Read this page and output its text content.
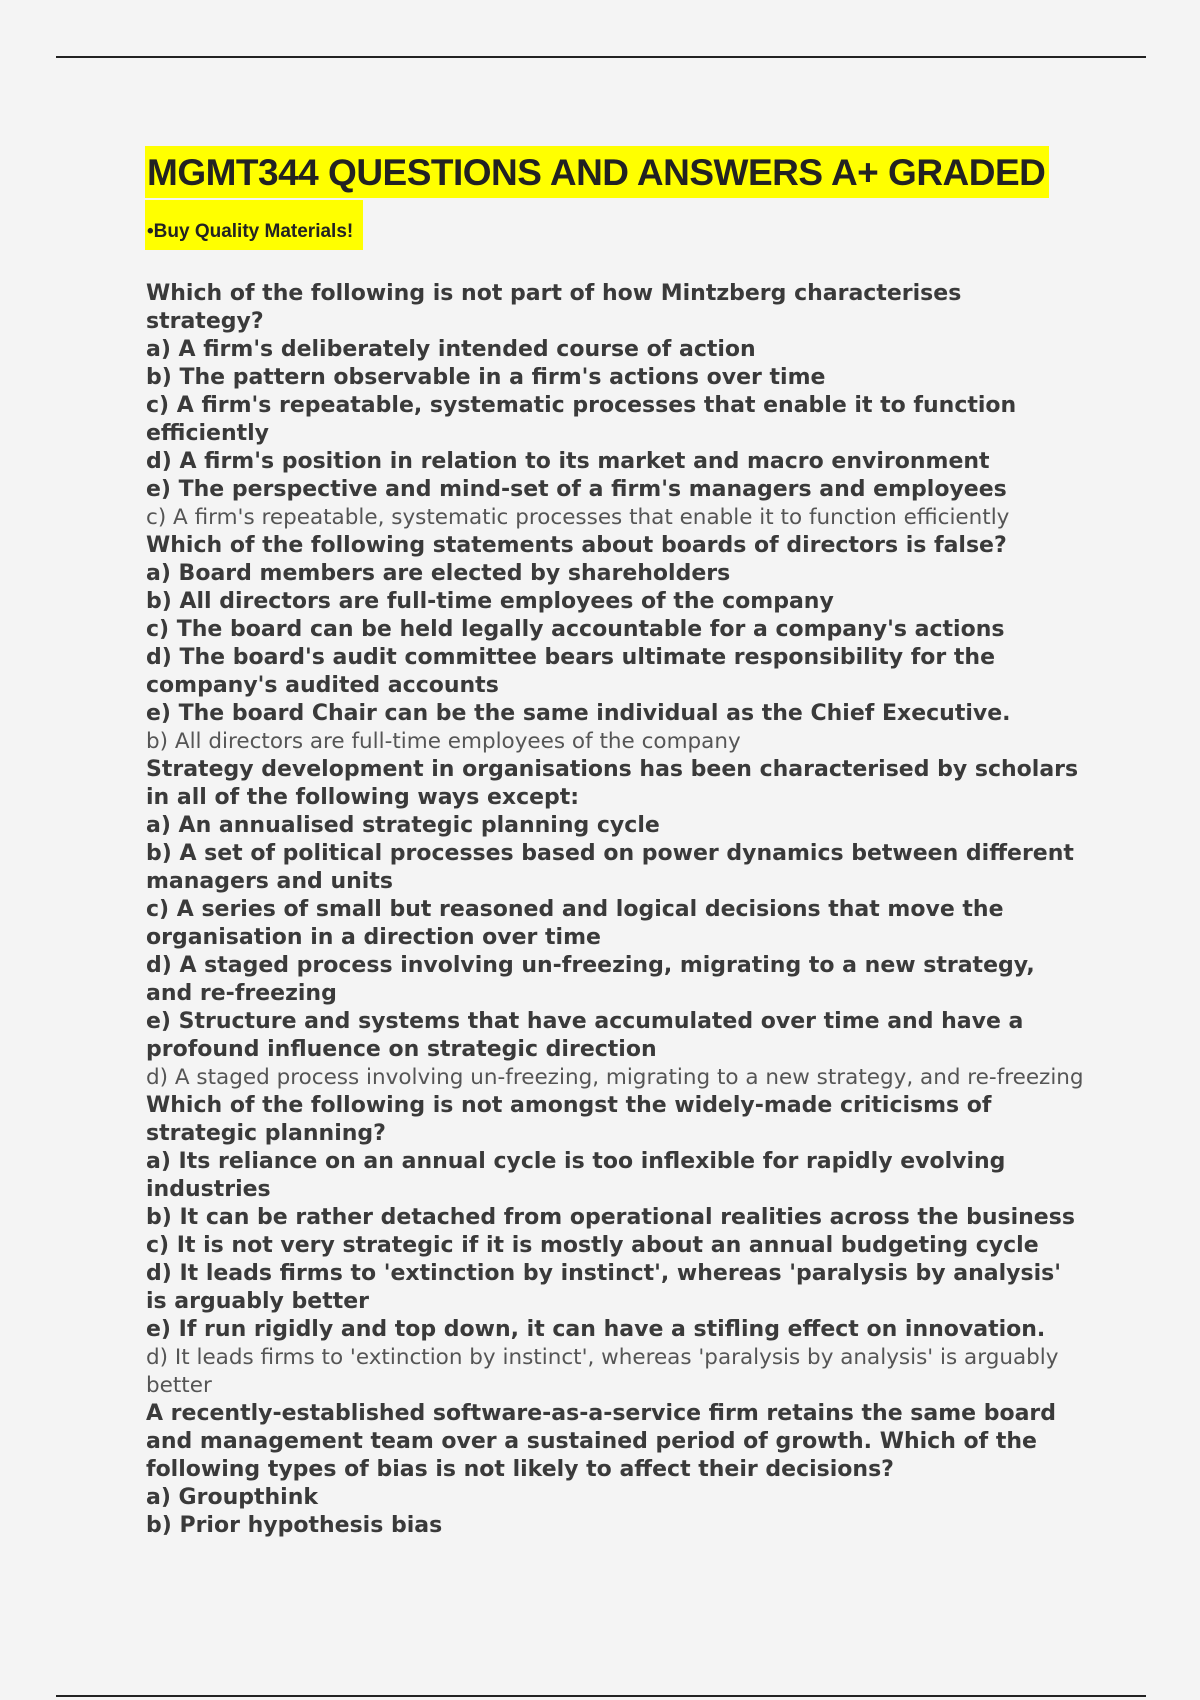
MGMT344 QUESTIONS AND ANSWERS A+ GRADED
•Buy Quality Materials!

Which of the following is not part of how Mintzberg characterises strategy?

a) A firm's deliberately intended course of action

b) The pattern observable in a firm's actions over time

c) A firm's repeatable, systematic processes that enable it to function efficiently

d) A firm's position in relation to its market and macro environment

e) The perspective and mind-set of a firm's managers and employees

c) A firm's repeatable, systematic processes that enable it to function efficiently

Which of the following statements about boards of directors is false?

a) Board members are elected by shareholders

b) All directors are full-time employees of the company

c) The board can be held legally accountable for a company's actions

d) The board's audit committee bears ultimate responsibility for the company's audited accounts

e) The board Chair can be the same individual as the Chief Executive.

b) All directors are full-time employees of the company

Strategy development in organisations has been characterised by scholars in all of the following ways except:

a) An annualised strategic planning cycle

b) A set of political processes based on power dynamics between different managers and units

c) A series of small but reasoned and logical decisions that move the organisation in a direction over time

d) A staged process involving un-freezing, migrating to a new strategy, and re-freezing

e) Structure and systems that have accumulated over time and have a profound influence on strategic direction

d) A staged process involving un-freezing, migrating to a new strategy, and re-freezing

Which of the following is not amongst the widely-made criticisms of strategic planning?

a) Its reliance on an annual cycle is too inflexible for rapidly evolving industries

b) It can be rather detached from operational realities across the business

c) It is not very strategic if it is mostly about an annual budgeting cycle

d) It leads firms to 'extinction by instinct', whereas 'paralysis by analysis' is arguably better

e) If run rigidly and top down, it can have a stifling effect on innovation.

d) It leads firms to 'extinction by instinct', whereas 'paralysis by analysis' is arguably better

A recently-established software-as-a-service firm retains the same board and management team over a sustained period of growth. Which of the following types of bias is not likely to affect their decisions?

a) Groupthink

b) Prior hypothesis bias
